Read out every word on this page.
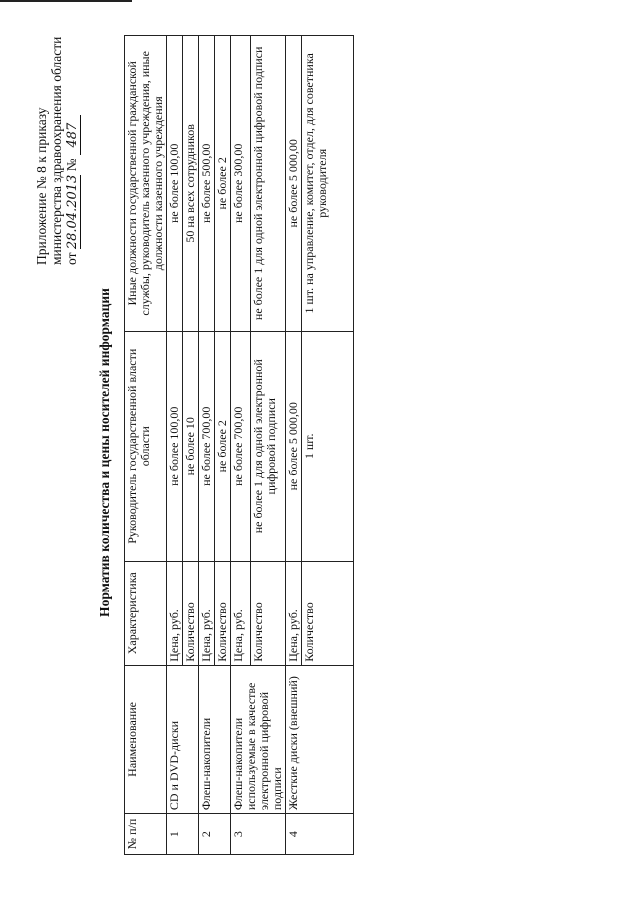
Приложение № 8 к приказу министерства здравоохранения области от 28.04.2013 № 487
Норматив количества и цены носителей информации
№ п/п	Наименование	Характеристика	Руководитель государственной власти области	Иные должности государственной гражданской службы, руководитель казенного учреждения, иные должности казенного учреждения
1	CD и DVD-диски	Цена, руб.	не более 100,00	не более 100,00
		Количество	не более 10	50 на всех сотрудников
2	Флеш-накопители	Цена, руб.	не более 700,00	не более 500,00
		Количество	не более 2	не более 2
3	Флеш-накопители используемые в качестве электронной цифровой подписи	Цена, руб.	не более 700,00	не более 300,00
		Количество	не более 1 для одной электронной цифровой подписи	не более 1 для одной электронной цифровой подписи
4	Жесткие диски (внешний)	Цена, руб.	не более 5 000,00	не более 5 000,00
		Количество	1 шт.	1 шт. на управление, комитет, отдел, для советника руководителя
